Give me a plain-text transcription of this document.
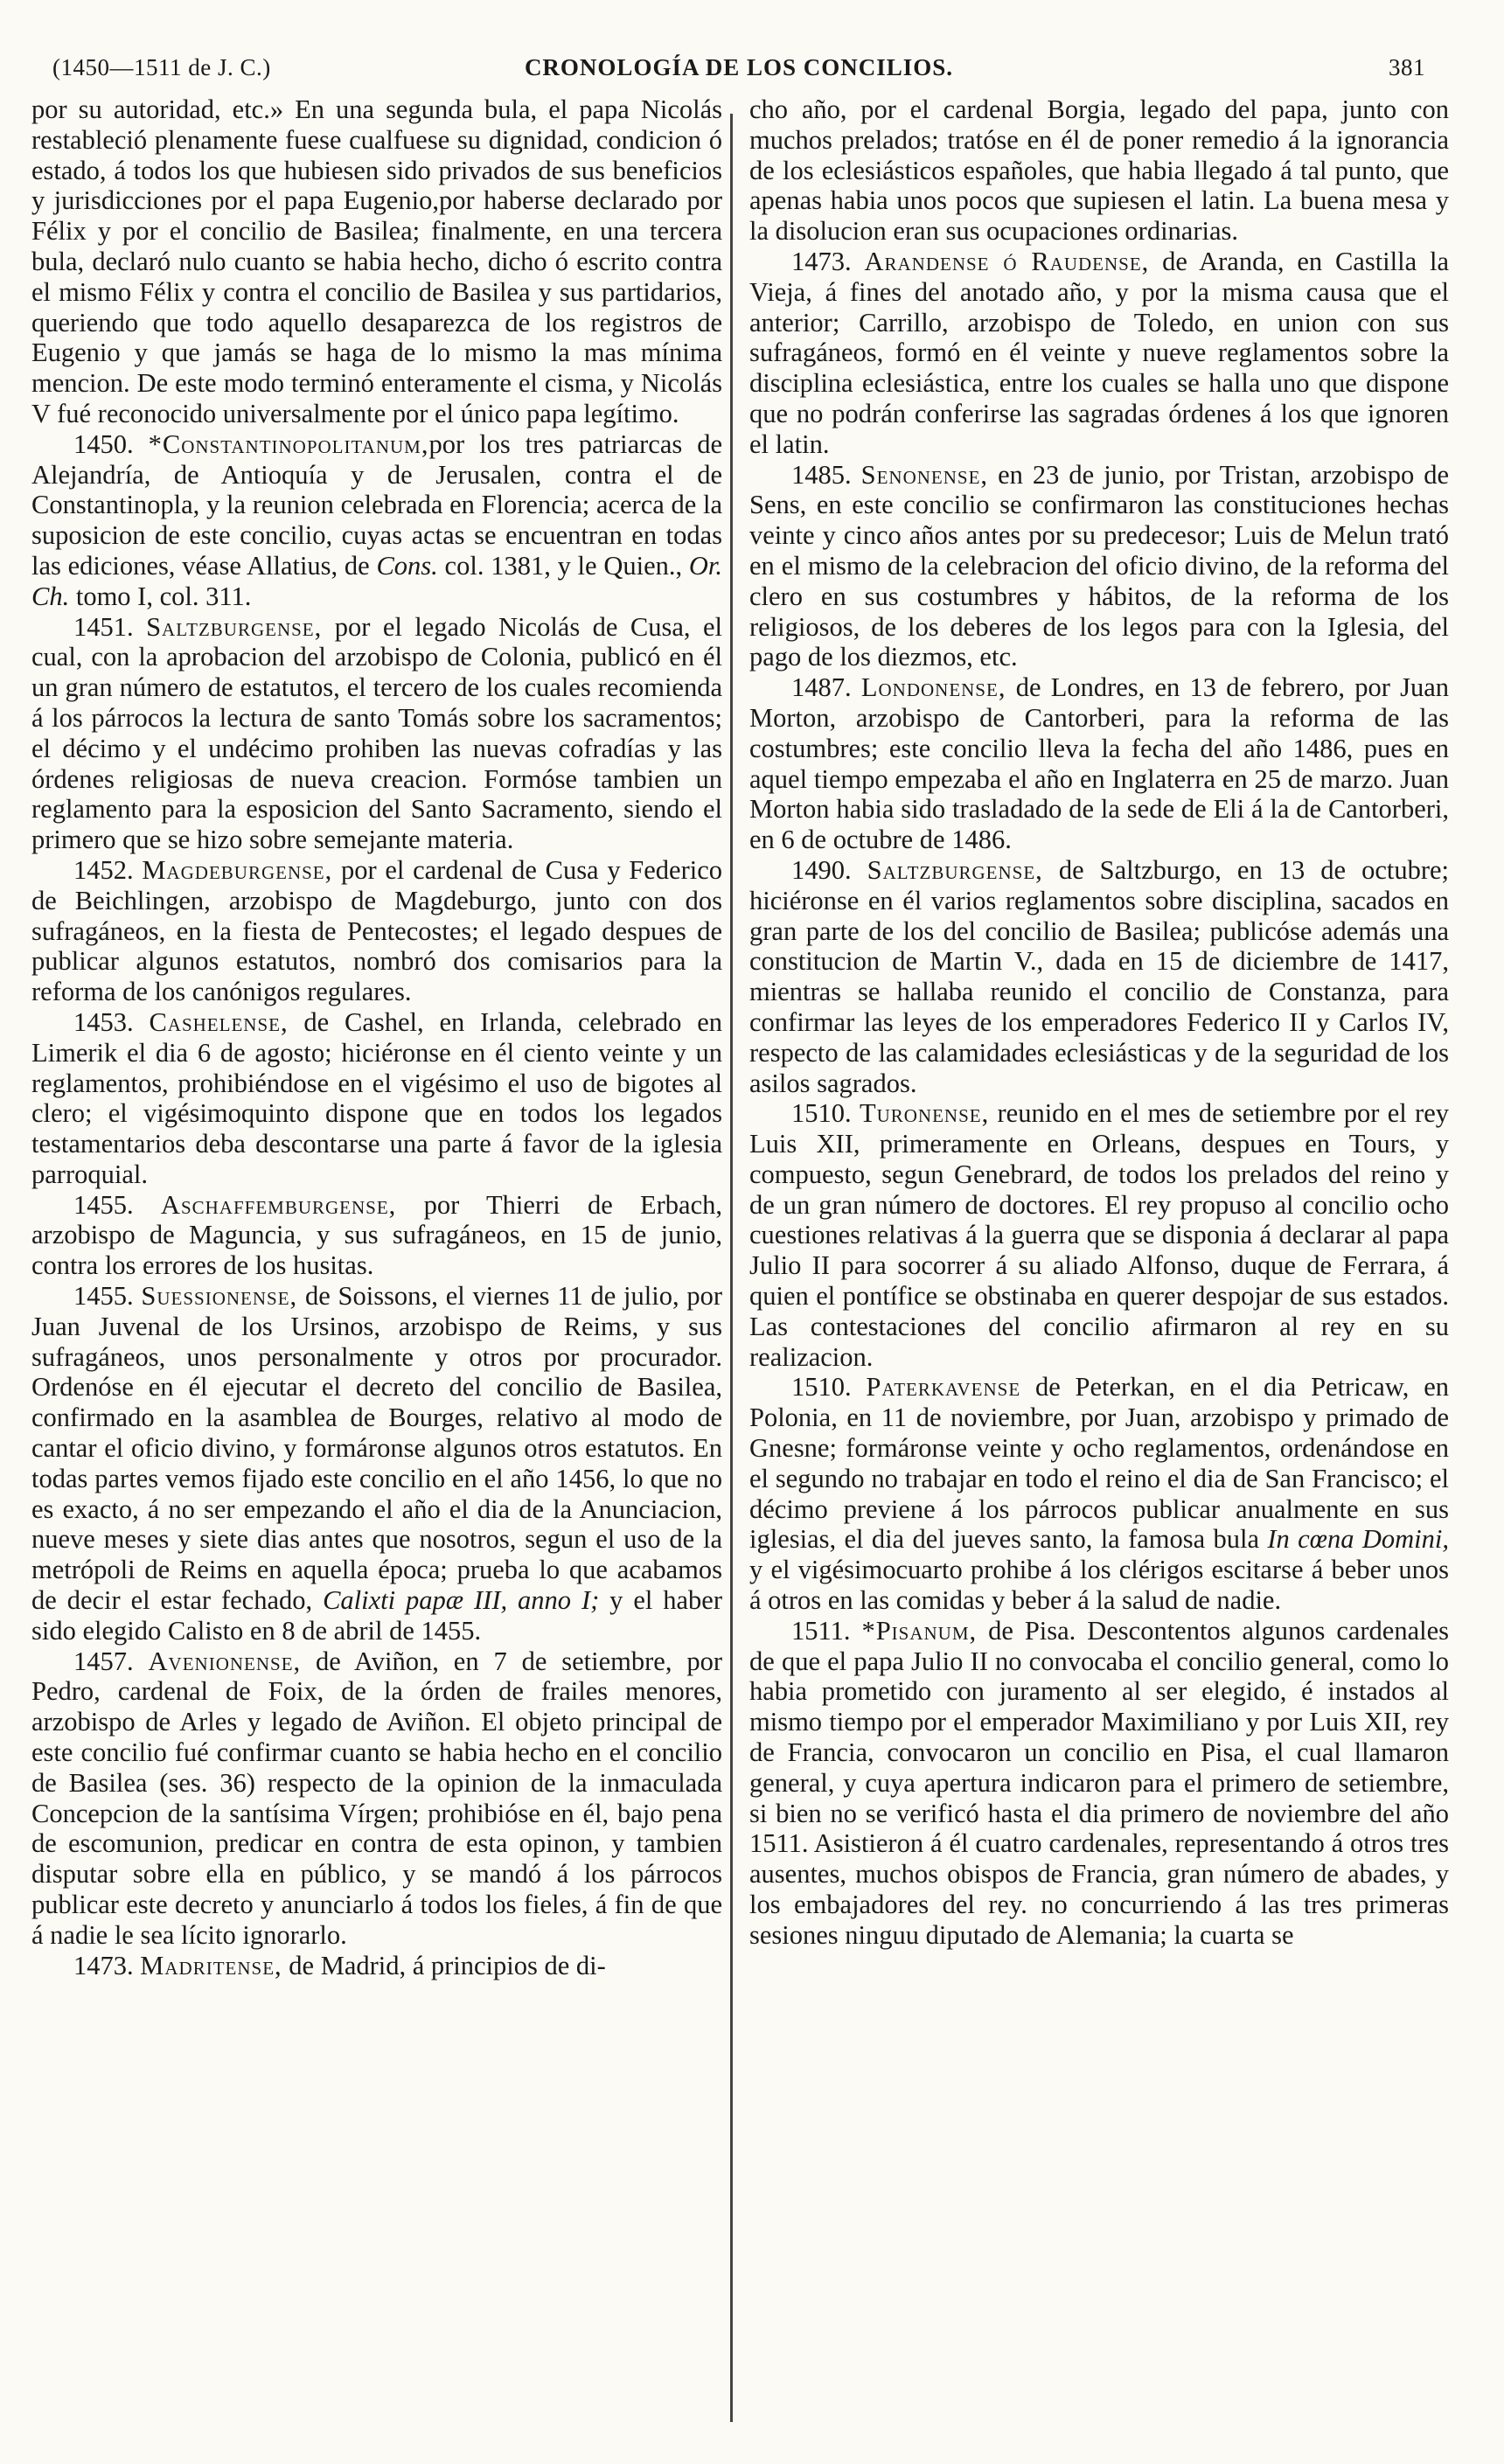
(1450—1511 de J. C.)	CRONOLOGÍA DE LOS CONCILIOS.	381

por su autoridad, etc.» En una segunda bula, el papa Nicolás restableció plenamente fuese cualfuese su dignidad, condicion ó estado, á todos los que hubiesen sido privados de sus beneficios y jurisdicciones por el papa Eugenio,por haberse declarado por Félix y por el concilio de Basilea; finalmente, en una tercera bula, declaró nulo cuanto se habia hecho, dicho ó escrito contra el mismo Félix y contra el concilio de Basilea y sus partidarios, queriendo que todo aquello desaparezca de los registros de Eugenio y que jamás se haga de lo mismo la mas mínima mencion. De este modo terminó enteramente el cisma, y Nicolás V fué reconocido universalmente por el único papa legítimo.

1450. *Constantinopolitanum,por los tres patriarcas de Alejandría, de Antioquía y de Jerusalen, contra el de Constantinopla, y la reunion celebrada en Florencia; acerca de la suposicion de este concilio, cuyas actas se encuentran en todas las ediciones, véase Allatius, de Cons. col. 1381, y le Quien., Or. Ch. tomo I, col. 311.

1451. Saltzburgense, por el legado Nicolás de Cusa, el cual, con la aprobacion del arzobispo de Colonia, publicó en él un gran número de estatutos, el tercero de los cuales recomienda á los párrocos la lectura de santo Tomás sobre los sacramentos; el décimo y el undécimo prohiben las nuevas cofradías y las órdenes religiosas de nueva creacion. Formóse tambien un reglamento para la esposicion del Santo Sacramento, siendo el primero que se hizo sobre semejante materia.

1452. Magdeburgense, por el cardenal de Cusa y Federico de Beichlingen, arzobispo de Magdeburgo, junto con dos sufragáneos, en la fiesta de Pentecostes; el legado despues de publicar algunos estatutos, nombró dos comisarios para la reforma de los canónigos regulares.

1453. Cashelense, de Cashel, en Irlanda, celebrado en Limerik el dia 6 de agosto; hiciéronse en él ciento veinte y un reglamentos, prohibiéndose en el vigésimo el uso de bigotes al clero; el vigésimoquinto dispone que en todos los legados testamentarios deba descontarse una parte á favor de la iglesia parroquial.

1455. Aschaffemburgense, por Thierri de Erbach, arzobispo de Maguncia, y sus sufragáneos, en 15 de junio, contra los errores de los husitas.

1455. Suessionense, de Soissons, el viernes 11 de julio, por Juan Juvenal de los Ursinos, arzobispo de Reims, y sus sufragáneos, unos personalmente y otros por procurador. Ordenóse en él ejecutar el decreto del concilio de Basilea, confirmado en la asamblea de Bourges, relativo al modo de cantar el oficio divino, y formáronse algunos otros estatutos. En todas partes vemos fijado este concilio en el año 1456, lo que no es exacto, á no ser empezando el año el dia de la Anunciacion, nueve meses y siete dias antes que nosotros, segun el uso de la metrópoli de Reims en aquella época; prueba lo que acabamos de decir el estar fechado, Calixti papæ III, anno I; y el haber sido elegido Calisto en 8 de abril de 1455.

1457. Avenionense, de Aviñon, en 7 de setiembre, por Pedro, cardenal de Foix, de la órden de frailes menores, arzobispo de Arles y legado de Aviñon. El objeto principal de este concilio fué confirmar cuanto se habia hecho en el concilio de Basilea (ses. 36) respecto de la opinion de la inmaculada Concepcion de la santísima Vírgen; prohibióse en él, bajo pena de escomunion, predicar en contra de esta opinon, y tambien disputar sobre ella en público, y se mandó á los párrocos publicar este decreto y anunciarlo á todos los fieles, á fin de que á nadie le sea lícito ignorarlo.

1473. Madritense, de Madrid, á principios de di-

cho año, por el cardenal Borgia, legado del papa, junto con muchos prelados; tratóse en él de poner remedio á la ignorancia de los eclesiásticos españoles, que habia llegado á tal punto, que apenas habia unos pocos que supiesen el latin. La buena mesa y la disolucion eran sus ocupaciones ordinarias.

1473. Arandense ó Raudense, de Aranda, en Castilla la Vieja, á fines del anotado año, y por la misma causa que el anterior; Carrillo, arzobispo de Toledo, en union con sus sufragáneos, formó en él veinte y nueve reglamentos sobre la disciplina eclesiástica, entre los cuales se halla uno que dispone que no podrán conferirse las sagradas órdenes á los que ignoren el latin.

1485. Senonense, en 23 de junio, por Tristan, arzobispo de Sens, en este concilio se confirmaron las constituciones hechas veinte y cinco años antes por su predecesor; Luis de Melun trató en el mismo de la celebracion del oficio divino, de la reforma del clero en sus costumbres y hábitos, de la reforma de los religiosos, de los deberes de los legos para con la Iglesia, del pago de los diezmos, etc.

1487. Londonense, de Londres, en 13 de febrero, por Juan Morton, arzobispo de Cantorberi, para la reforma de las costumbres; este concilio lleva la fecha del año 1486, pues en aquel tiempo empezaba el año en Inglaterra en 25 de marzo. Juan Morton habia sido trasladado de la sede de Eli á la de Cantorberi, en 6 de octubre de 1486.

1490. Saltzburgense, de Saltzburgo, en 13 de octubre; hiciéronse en él varios reglamentos sobre disciplina, sacados en gran parte de los del concilio de Basilea; publicóse además una constitucion de Martin V., dada en 15 de diciembre de 1417, mientras se hallaba reunido el concilio de Constanza, para confirmar las leyes de los emperadores Federico II y Carlos IV, respecto de las calamidades eclesiásticas y de la seguridad de los asilos sagrados.

1510. Turonense, reunido en el mes de setiembre por el rey Luis XII, primeramente en Orleans, despues en Tours, y compuesto, segun Genebrard, de todos los prelados del reino y de un gran número de doctores. El rey propuso al concilio ocho cuestiones relativas á la guerra que se disponia á declarar al papa Julio II para socorrer á su aliado Alfonso, duque de Ferrara, á quien el pontífice se obstinaba en querer despojar de sus estados. Las contestaciones del concilio afirmaron al rey en su realizacion.

1510. Paterkavense de Peterkan, en el dia Petricaw, en Polonia, en 11 de noviembre, por Juan, arzobispo y primado de Gnesne; formáronse veinte y ocho reglamentos, ordenándose en el segundo no trabajar en todo el reino el dia de San Francisco; el décimo previene á los párrocos publicar anualmente en sus iglesias, el dia del jueves santo, la famosa bula In cœna Domini, y el vigésimocuarto prohibe á los clérigos escitarse á beber unos á otros en las comidas y beber á la salud de nadie.

1511. *Pisanum, de Pisa. Descontentos algunos cardenales de que el papa Julio II no convocaba el concilio general, como lo habia prometido con juramento al ser elegido, é instados al mismo tiempo por el emperador Maximiliano y por Luis XII, rey de Francia, convocaron un concilio en Pisa, el cual llamaron general, y cuya apertura indicaron para el primero de setiembre, si bien no se verificó hasta el dia primero de noviembre del año 1511. Asistieron á él cuatro cardenales, representando á otros tres ausentes, muchos obispos de Francia, gran número de abades, y los embajadores del rey. no concurriendo á las tres primeras sesiones ninguu diputado de Alemania; la cuarta se
